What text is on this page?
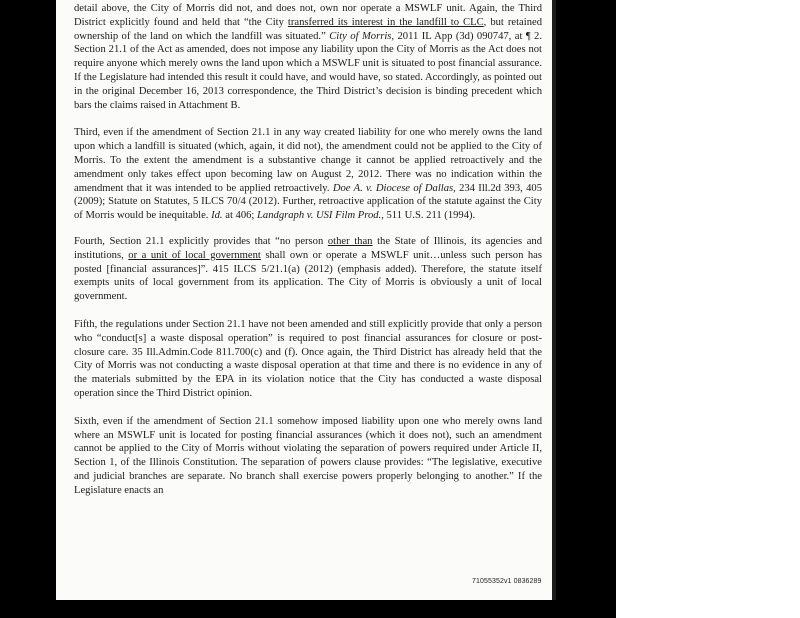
detail above, the City of Morris did not, and does not, own nor operate a MSWLF unit. Again, the Third District explicitly found and held that “the City transferred its interest in the landfill to CLC, but retained ownership of the land on which the landfill was situated.” City of Morris, 2011 IL App (3d) 090747, at ¶ 2. Section 21.1 of the Act as amended, does not impose any liability upon the City of Morris as the Act does not require anyone which merely owns the land upon which a MSWLF unit is situated to post financial assurance. If the Legislature had intended this result it could have, and would have, so stated. Accordingly, as pointed out in the original December 16, 2013 correspondence, the Third District’s decision is binding precedent which bars the claims raised in Attachment B.

Third, even if the amendment of Section 21.1 in any way created liability for one who merely owns the land upon which a landfill is situated (which, again, it did not), the amendment could not be applied to the City of Morris. To the extent the amendment is a substantive change it cannot be applied retroactively and the amendment only takes effect upon becoming law on August 2, 2012. There was no indication within the amendment that it was intended to be applied retroactively. Doe A. v. Diocese of Dallas, 234 Ill.2d 393, 405 (2009); Statute on Statutes, 5 ILCS 70/4 (2012). Further, retroactive application of the statute against the City of Morris would be inequitable. Id. at 406; Landgraph v. USI Film Prod., 511 U.S. 211 (1994).

Fourth, Section 21.1 explicitly provides that “no person other than the State of Illinois, its agencies and institutions, or a unit of local government shall own or operate a MSWLF unit…unless such person has posted [financial assurances]”. 415 ILCS 5/21.1(a) (2012) (emphasis added). Therefore, the statute itself exempts units of local government from its application. The City of Morris is obviously a unit of local government.

Fifth, the regulations under Section 21.1 have not been amended and still explicitly provide that only a person who “conduct[s] a waste disposal operation” is required to post financial assurances for closure or post-closure care. 35 Ill.Admin.Code 811.700(c) and (f). Once again, the Third District has already held that the City of Morris was not conducting a waste disposal operation at that time and there is no evidence in any of the materials submitted by the EPA in its violation notice that the City has conducted a waste disposal operation since the Third District opinion.

Sixth, even if the amendment of Section 21.1 somehow imposed liability upon one who merely owns land where an MSWLF unit is located for posting financial assurances (which it does not), such an amendment cannot be applied to the City of Morris without violating the separation of powers required under Article II, Section 1, of the Illinois Constitution. The separation of powers clause provides: “The legislative, executive and judicial branches are separate. No branch shall exercise powers properly belonging to another.” If the Legislature enacts an

71055352v1 0836289
